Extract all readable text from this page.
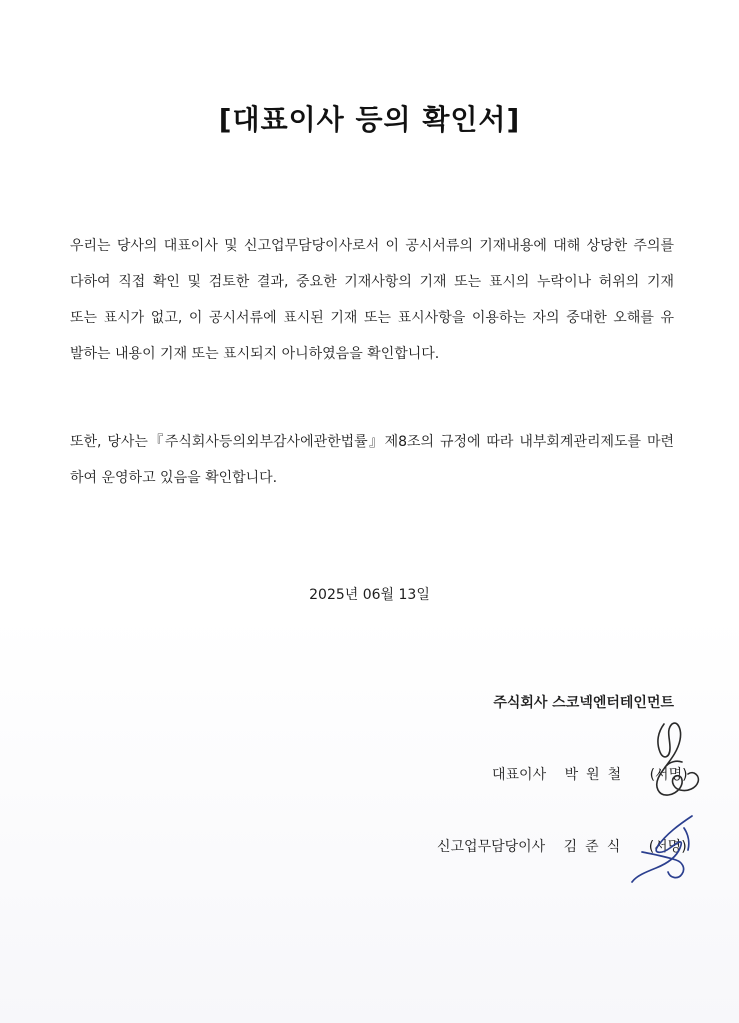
[대표이사 등의 확인서]
우리는 당사의 대표이사 및 신고업무담당이사로서 이 공시서류의 기재내용에 대해 상당한 주의를
다하여 직접 확인 및 검토한 결과, 중요한 기재사항의 기재 또는 표시의 누락이나 허위의 기재
또는 표시가 없고, 이 공시서류에 표시된 기재 또는 표시사항을 이용하는 자의 중대한 오해를 유
발하는 내용이 기재 또는 표시되지 아니하였음을 확인합니다.
또한, 당사는『주식회사등의외부감사에관한법률』제8조의 규정에 따라 내부회계관리제도를 마련
하여 운영하고 있음을 확인합니다.
2025년 06월 13일
주식회사 스코넥엔터테인먼트
대표이사 박원철 (서명)
신고업무담당이사 김준식 (서명)
